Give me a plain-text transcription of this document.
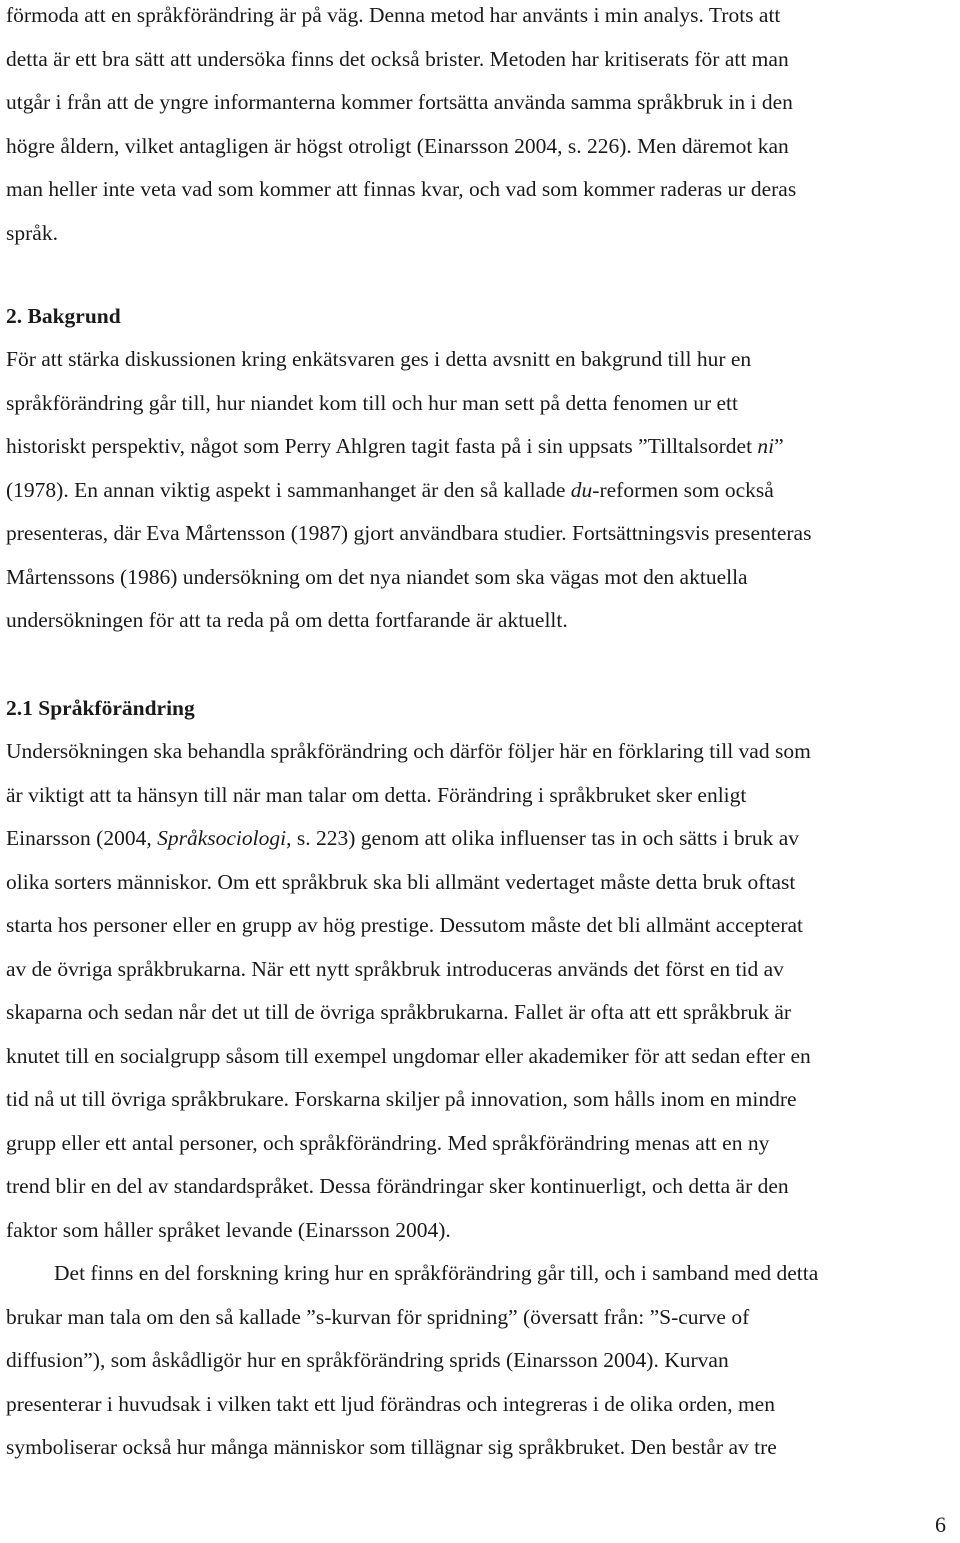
förmoda att en språkförändring är på väg. Denna metod har använts i min analys. Trots att
detta är ett bra sätt att undersöka finns det också brister. Metoden har kritiserats för att man
utgår i från att de yngre informanterna kommer fortsätta använda samma språkbruk in i den
högre åldern, vilket antagligen är högst otroligt (Einarsson 2004, s. 226). Men däremot kan
man heller inte veta vad som kommer att finnas kvar, och vad som kommer raderas ur deras
språk.
2. Bakgrund
För att stärka diskussionen kring enkätsvaren ges i detta avsnitt en bakgrund till hur en
språkförändring går till, hur niandet kom till och hur man sett på detta fenomen ur ett
historiskt perspektiv, något som Perry Ahlgren tagit fasta på i sin uppsats ”Tilltalsordet ni”
(1978). En annan viktig aspekt i sammanhanget är den så kallade du-reformen som också
presenteras, där Eva Mårtensson (1987) gjort användbara studier. Fortsättningsvis presenteras
Mårtenssons (1986) undersökning om det nya niandet som ska vägas mot den aktuella
undersökningen för att ta reda på om detta fortfarande är aktuellt.
2.1 Språkförändring
Undersökningen ska behandla språkförändring och därför följer här en förklaring till vad som
är viktigt att ta hänsyn till när man talar om detta. Förändring i språkbruket sker enligt
Einarsson (2004, Språksociologi, s. 223) genom att olika influenser tas in och sätts i bruk av
olika sorters människor. Om ett språkbruk ska bli allmänt vedertaget måste detta bruk oftast
starta hos personer eller en grupp av hög prestige. Dessutom måste det bli allmänt accepterat
av de övriga språkbrukarna. När ett nytt språkbruk introduceras används det först en tid av
skaparna och sedan når det ut till de övriga språkbrukarna. Fallet är ofta att ett språkbruk är
knutet till en socialgrupp såsom till exempel ungdomar eller akademiker för att sedan efter en
tid nå ut till övriga språkbrukare. Forskarna skiljer på innovation, som hålls inom en mindre
grupp eller ett antal personer, och språkförändring. Med språkförändring menas att en ny
trend blir en del av standardspråket. Dessa förändringar sker kontinuerligt, och detta är den
faktor som håller språket levande (Einarsson 2004).
Det finns en del forskning kring hur en språkförändring går till, och i samband med detta
brukar man tala om den så kallade ”s-kurvan för spridning” (översatt från: ”S-curve of
diffusion”), som åskådligör hur en språkförändring sprids (Einarsson 2004). Kurvan
presenterar i huvudsak i vilken takt ett ljud förändras och integreras i de olika orden, men
symboliserar också hur många människor som tillägnar sig språkbruket. Den består av tre
6
